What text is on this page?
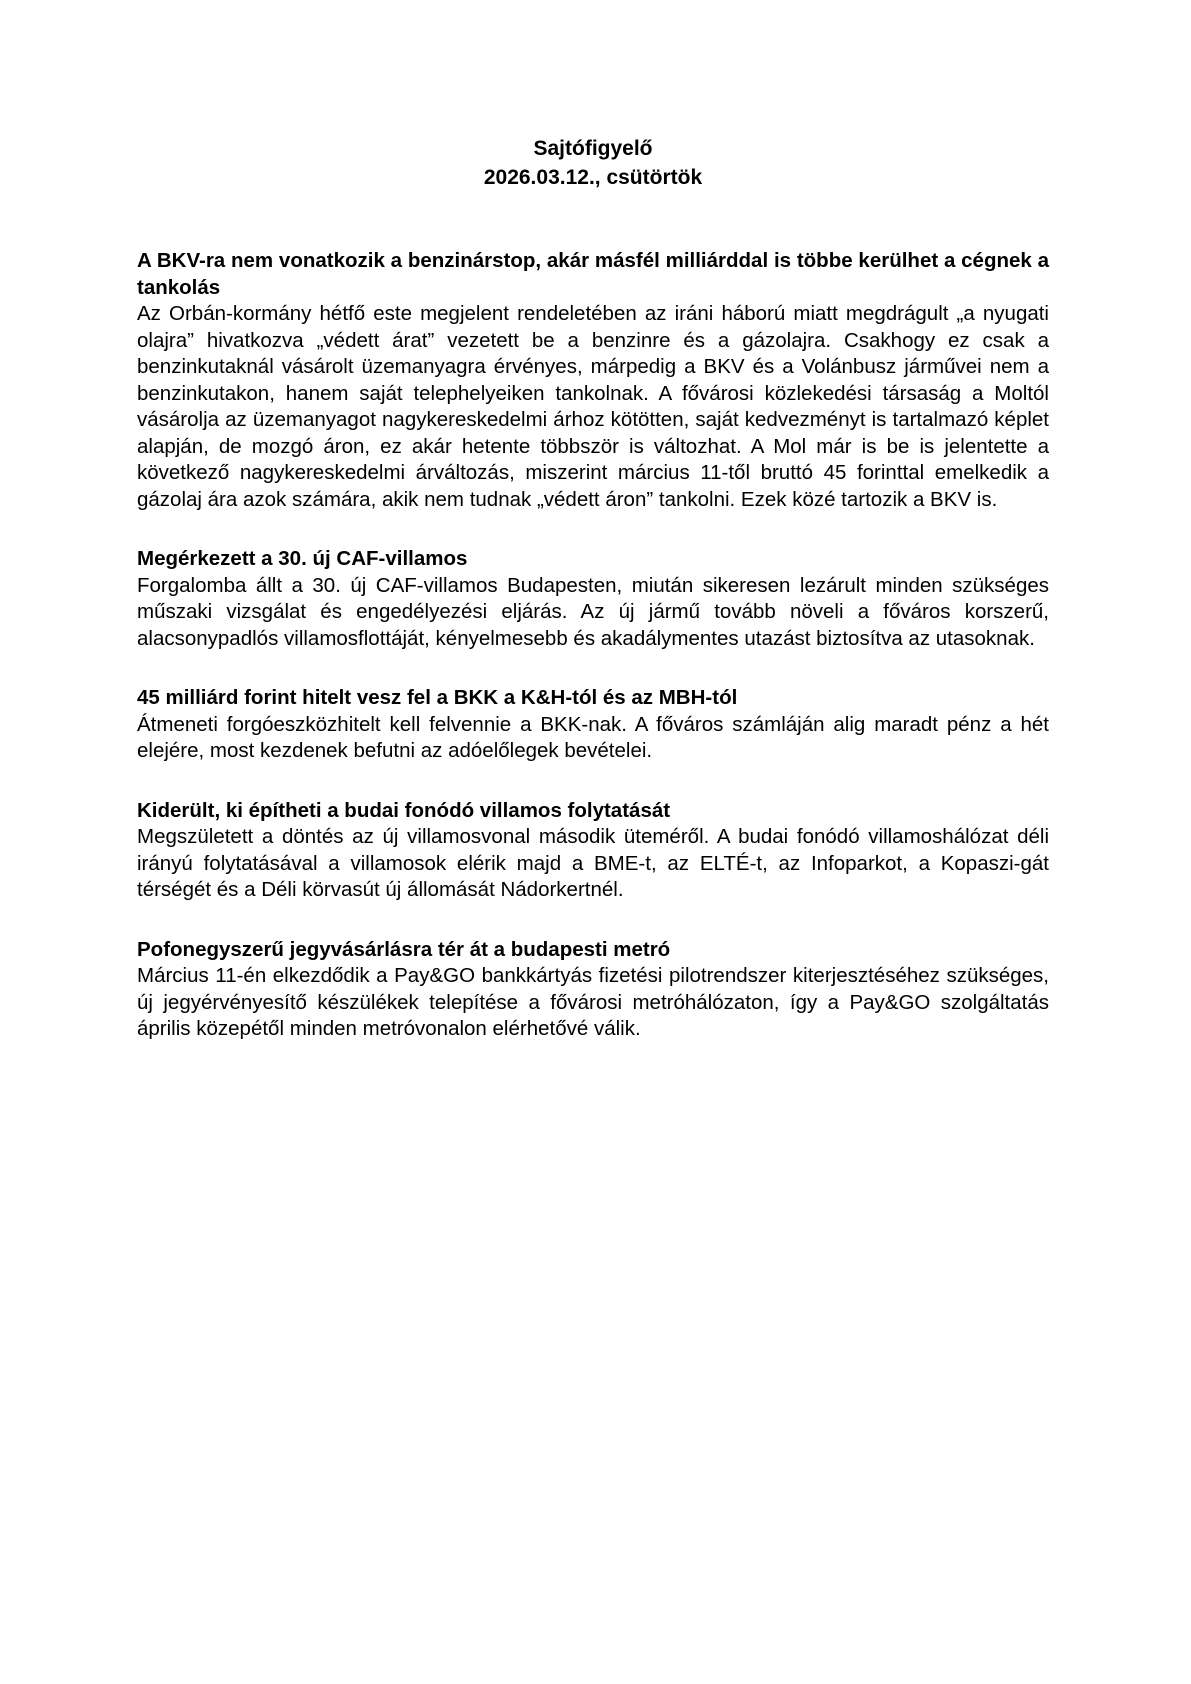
Sajtófigyelő
2026.03.12., csütörtök
A BKV-ra nem vonatkozik a benzinárstop, akár másfél milliárddal is többe kerülhet a cégnek a tankolás

Az Orbán-kormány hétfő este megjelent rendeletében az iráni háború miatt megdrágult „a nyugati olajra” hivatkozva „védett árat” vezetett be a benzinre és a gázolajra. Csakhogy ez csak a benzinkutaknál vásárolt üzemanyagra érvényes, márpedig a BKV és a Volánbusz járművei nem a benzinkutakon, hanem saját telephelyeiken tankolnak. A fővárosi közlekedési társaság a Moltól vásárolja az üzemanyagot nagykereskedelmi árhoz kötötten, saját kedvezményt is tartalmazó képlet alapján, de mozgó áron, ez akár hetente többször is változhat. A Mol már is be is jelentette a következő nagykereskedelmi árváltozás, miszerint március 11-től bruttó 45 forinttal emelkedik a gázolaj ára azok számára, akik nem tudnak „védett áron” tankolni. Ezek közé tartozik a BKV is.

Megérkezett a 30. új CAF-villamos

Forgalomba állt a 30. új CAF-villamos Budapesten, miután sikeresen lezárult minden szükséges műszaki vizsgálat és engedélyezési eljárás. Az új jármű tovább növeli a főváros korszerű, alacsonypadlós villamosflottáját, kényelmesebb és akadálymentes utazást biztosítva az utasoknak.

45 milliárd forint hitelt vesz fel a BKK a K&H-tól és az MBH-tól

Átmeneti forgóeszközhitelt kell felvennie a BKK-nak. A főváros számláján alig maradt pénz a hét elejére, most kezdenek befutni az adóelőlegek bevételei.

Kiderült, ki építheti a budai fonódó villamos folytatását

Megszületett a döntés az új villamosvonal második üteméről. A budai fonódó villamoshálózat déli irányú folytatásával a villamosok elérik majd a BME-t, az ELTÉ-t, az Infoparkot, a Kopaszi-gát térségét és a Déli körvasút új állomását Nádorkertnél.

Pofonegyszerű jegyvásárlásra tér át a budapesti metró

Március 11-én elkezdődik a Pay&GO bankkártyás fizetési pilotrendszer kiterjesztéséhez szükséges, új jegyérvényesítő készülékek telepítése a fővárosi metróhálózaton, így a Pay&GO szolgáltatás április közepétől minden metróvonalon elérhetővé válik.
